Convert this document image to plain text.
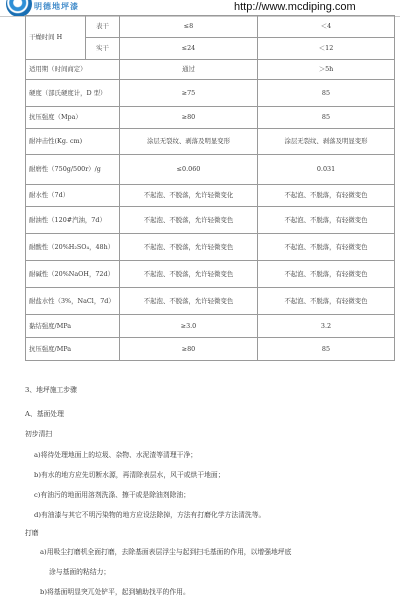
明德地坪漆	http://www.mcdiping.com
干燥时间 H	表干	≤8	＜4
	实干	≤24	＜12
适用期（时间商定）		通过	＞5h
硬度（部氏硬度计，D 型）		≥75	85
抗压强度（Mpa）		≥80	85
耐冲击性(Kg. cm)		涂层无裂纹、剥落及明显变形	涂层无裂纹、剥落及明显变形
耐磨性（750g/500r）/g		≤0.060	0.031
耐水性（7d）		不起泡、不脱落，允许轻微变化	不起泡、不脱落，有轻微变色
耐油性（120#汽油，7d）		不起泡、不脱落，允许轻微变色	不起泡、不脱落，有轻微变色
耐酸性（20%H₂SO₄，48h）		不起泡、不脱落，允许轻微变色	不起泡、不脱落，有轻微变色
耐碱性（20%NaOH，72d）		不起泡、不脱落，允许轻微变色	不起泡、不脱落，有轻微变色
耐盐水性（3%，NaCl，7d）		不起泡、不脱落，允许轻微变色	不起泡、不脱落，有轻微变色
黏结强度/MPa		≥3.0	3.2
抗压强度/MPa		≥80	85
3、地坪施工步骤
A、基面处理
初步清扫
a)将待处理地面上的垃圾、杂物、水泥渣等清理干净；
b)有水的地方应先切断水源，再清除表层水，风干或烘干地面；
c)有油污的地面用溶剂洗涤、擦干或是除油剂除油；
d)有油漆与其它不明污染物的地方应设法除掉，方法有打磨化学方法清洗等。
打磨
a)用吸尘打磨机全面打磨，去除基面表层浮尘与起到扫毛基面的作用，以增强地坪底
涂与基面的粘结力；
b)将基面明显突兀处铲平，起到辅助找平的作用。
